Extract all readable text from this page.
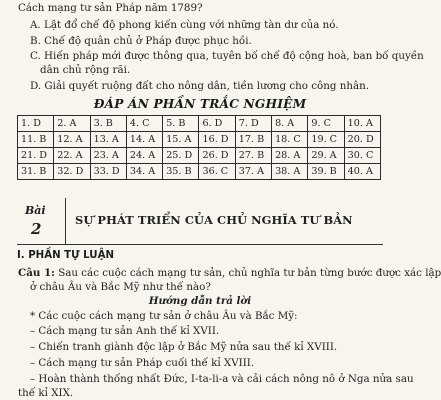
Cách mạng tư sản Pháp năm 1789?
A. Lật đổ chế độ phong kiến cùng với những tàn dư của nó.
B. Chế độ quân chủ ở Pháp được phục hồi.
C. Hiến pháp mới được thông qua, tuyên bố chế độ cộng hoà, ban bố quyền
dân chủ rộng rãi.
D. Giải quyết ruộng đất cho nông dân, tiền lương cho công nhân.
ĐÁP ÁN PHẦN TRẮC NGHIỆM
1. D	2. A	3. B	4. C	5. B	6. D	7. D	8. A	9. C	10. A
11. B	12. A	13. A	14. A	15. A	16. D	17. B	18. C	19. C	20. D
21. D	22. A	23. A	24. A	25. D	26. D	27. B	28. A	29. A	30. C
31. B	32. D	33. D	34. A	35. B	36. C	37. A	38. A	39. B	40. A
Bài
2	SỰ PHÁT TRIỂN CỦA CHỦ NGHĨA TƯ BẢN
I. PHẦN TỰ LUẬN
Câu 1: Sau các cuộc cách mạng tư sản, chủ nghĩa tư bản từng bước được xác lập
ở châu Âu và Bắc Mỹ như thế nào?
Hướng dẫn trả lời
* Các cuộc cách mạng tư sản ở châu Âu và Bắc Mỹ:
– Cách mạng tư sản Anh thế kỉ XVII.
– Chiến tranh giành độc lập ở Bắc Mỹ nửa sau thế kỉ XVIII.
– Cách mạng tư sản Pháp cuối thế kỉ XVIII.
– Hoàn thành thống nhất Đức, I-ta-li-a và cải cách nông nô ở Nga nửa sau
thế kỉ XIX.
